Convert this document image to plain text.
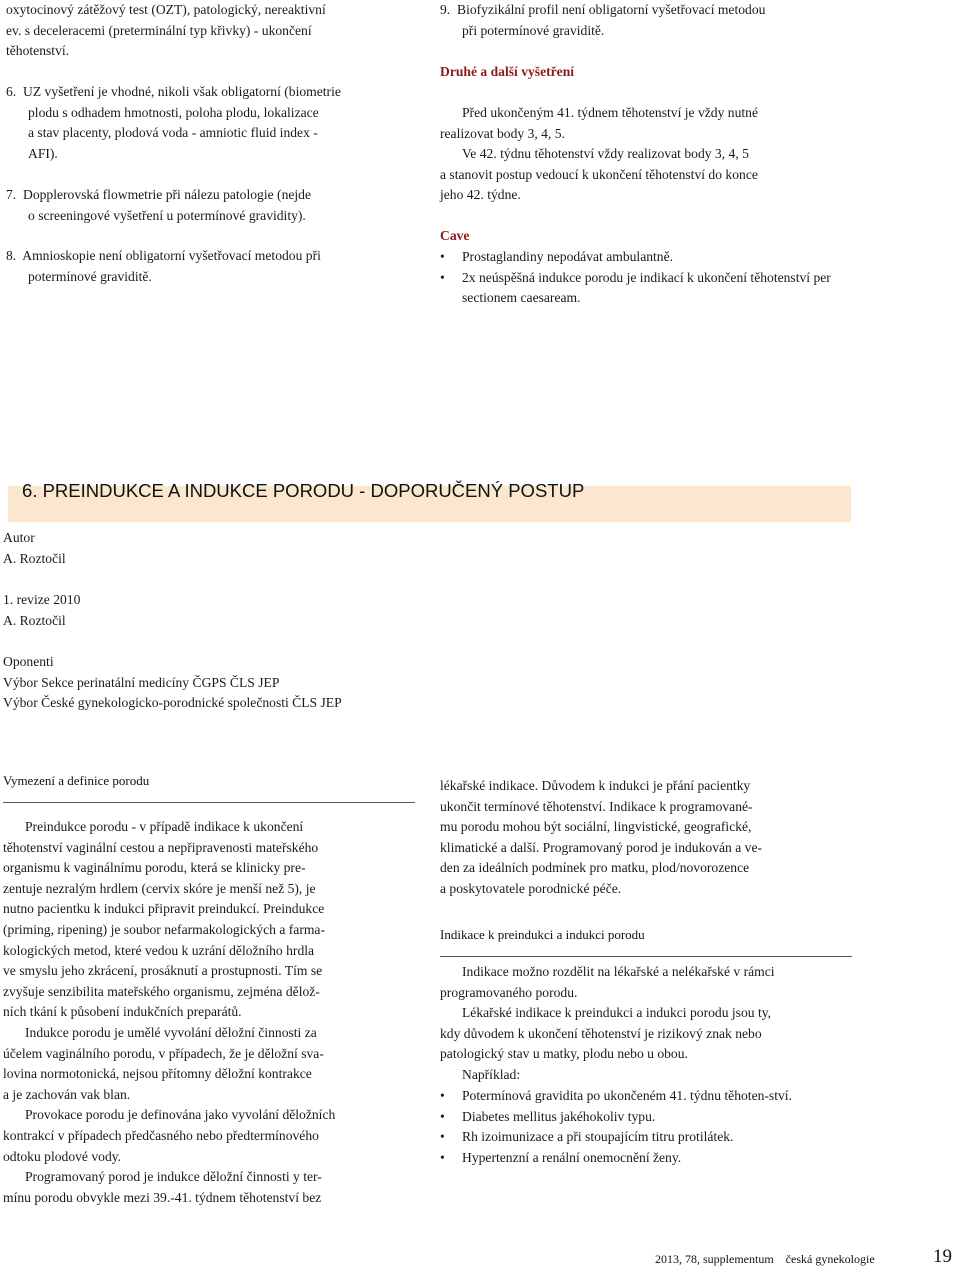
oxytocinový zátěžový test (OZT), patologický, nereaktivní

ev. s deceleracemi (preterminální typ křivky) - ukončení

těhotenství.

6. UZ vyšetření je vhodné, nikoli však obligatorní (biometrie

plodu s odhadem hmotnosti, poloha plodu, lokalizace

a stav placenty, plodová voda - amniotic fluid index -

AFI).

7. Dopplerovská flowmetrie při nálezu patologie (nejde

o screeningové vyšetření u potermínové gravidity).

8. Amnioskopie není obligatorní vyšetřovací metodou při

potermínové graviditě.

9. Biofyzikální profil není obligatorní vyšetřovací metodou

při potermínové graviditě.

Druhé a další vyšetření

Před ukončeným 41. týdnem těhotenství je vždy nutné

realizovat body 3, 4, 5.

Ve 42. týdnu těhotenství vždy realizovat body 3, 4, 5

a stanovit postup vedoucí k ukončení těhotenství do konce

jeho 42. týdne.

Cave

• Prostaglandiny nepodávat ambulantně.

• 2x neúspěšná indukce porodu je indikací k ukončení těhotenství per sectionem caesaream.

6. PREINDUKCE A INDUKCE PORODU - DOPORUČENÝ POSTUP

Autor

A. Roztočil

1. revize 2010

A. Roztočil

Oponenti

Výbor Sekce perinatální medicíny ČGPS ČLS JEP

Výbor České gynekologicko-porodnické společnosti ČLS JEP

Vymezení a definice porodu

Preindukce porodu - v případě indikace k ukončení

těhotenství vaginální cestou a nepřipravenosti mateřského

organismu k vaginálnímu porodu, která se klinicky pre-

zentuje nezralým hrdlem (cervix skóre je menší než 5), je

nutno pacientku k indukci připravit preindukcí. Preindukce

(priming, ripening) je soubor nefarmakologických a farma-

kologických metod, které vedou k uzrání děložního hrdla

ve smyslu jeho zkrácení, prosáknutí a prostupnosti. Tím se

zvyšuje senzibilita mateřského organismu, zejména dělož-

ních tkání k působení indukčních preparátů.

Indukce porodu je umělé vyvolání děložní činnosti za

účelem vaginálního porodu, v případech, že je děložní sva-

lovina normotonická, nejsou přítomny děložní kontrakce

a je zachován vak blan.

Provokace porodu je definována jako vyvolání děložních

kontrakcí v případech předčasného nebo předtermínového

odtoku plodové vody.

Programovaný porod je indukce děložní činnosti y ter-

mínu porodu obvykle mezi 39.-41. týdnem těhotenství bez

lékařské indikace. Důvodem k indukci je přání pacientky

ukončit termínové těhotenství. Indikace k programované-

mu porodu mohou být sociální, lingvistické, geografické,

klimatické a další. Programovaný porod je indukován a ve-

den za ideálních podmínek pro matku, plod/novorozence

a poskytovatele porodnické péče.

Indikace k preindukci a indukci porodu

Indikace možno rozdělit na lékařské a nelékařské v rámci

programovaného porodu.

Lékařské indikace k preindukci a indukci porodu jsou ty,

kdy důvodem k ukončení těhotenství je rizikový znak nebo

patologický stav u matky, plodu nebo u obou.

Například:

• Potermínová gravidita po ukončeném 41. týdnu těhoten-ství.

• Diabetes mellitus jakéhokoliv typu.

• Rh izoimunizace a při stoupajícím titru protilátek.

• Hypertenzní a renální onemocnění ženy.

2013, 78, supplementum česká gynekologie	19
